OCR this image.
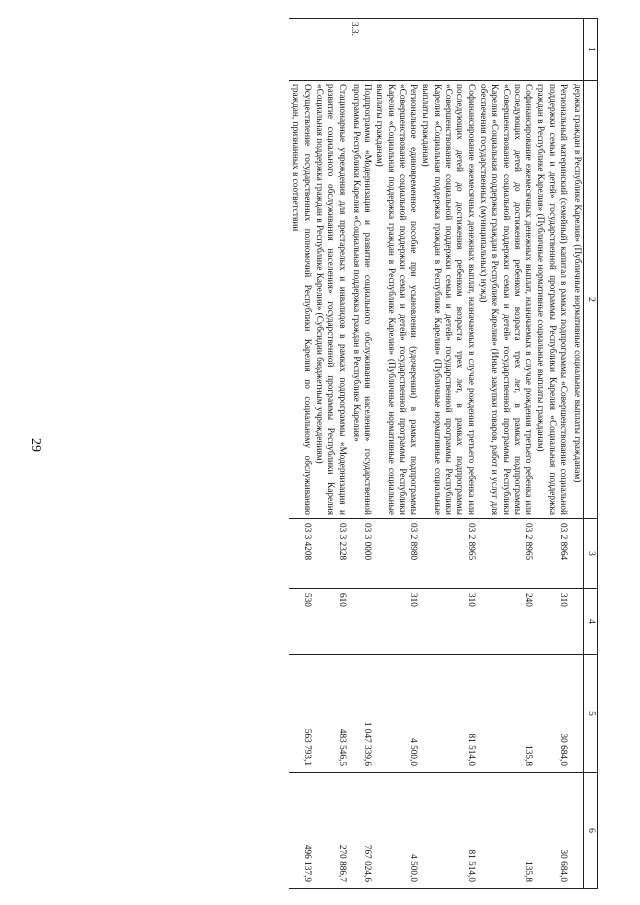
29
1	2	3	4	5	6
	держка граждан в Республике Карелия» (Публичные нормативные социальные выплаты гражданам)				
	Региональный материнский (семейный) капитал в рамках подпрограммы «Совершенствование социальной поддержки семьи и детей» государственной программы Республики Карелия «Социальная поддержка граждан в Республике Карелия» (Публичные нормативные социальные выплаты гражданам)	03 2 8964	310	30 684,0	30 684,0
	Софинансирование ежемесячных денежных выплат, назначаемых в случае рождения третьего ребенка или последующих детей до достижения ребенком возраста трех лет, в рамках подпрограммы «Совершенствование социальной поддержки семьи и детей» государственной программы Республики Карелия «Социальная поддержка граждан в Республике Карелия» (Иные закупки товаров, работ и услуг для обеспечения государственных (муниципальных) нужд)	03 2 8965	240	135,8	135,8
	Софинансирование ежемесячных денежных выплат, назначаемых в случае рождения третьего ребенка или последующих детей до достижения ребенком возраста трех лет, в рамках подпрограммы «Совершенствование социальной поддержки семьи и детей» государственной программы Республики Карелия «Социальная поддержка граждан в Республике Карелия» (Публичные нормативные социальные выплаты гражданам)	03 2 8965	310	81 514,0	81 514,0
	Региональное единовременное пособие при усыновлении (удочерении) в рамках подпрограммы «Совершенствование социальной поддержки семьи и детей» государственной программы Республики Карелия «Социальная поддержка граждан в Республике Карелия» (Публичные нормативные социальные выплаты гражданам)	03 2 8980	310	4 500,0	4 500,0
3.3.	Подпрограмма «Модернизация и развитие социального обслуживания населения» государственной программы Республики Карелия «Социальная поддержка граждан в Республике Карелия»	03 3 0000		1 047 339,6	767 024,6
	Стационарные учреждения для престарелых и инвалидов в рамках подпрограммы «Модернизация и развитие социального обслуживания населения» государственной программы Республики Карелия «Социальная поддержка граждан в Республике Карелия» (Субсидии бюджетным учреждениям)	03 3 2328	610	483 546,5	270 886,7
	Осуществление государственных полномочий Республики Карелия по социальному обслуживанию граждан, признанных в соответствии	03 3 4208	530	563 793,1	496 137,9
